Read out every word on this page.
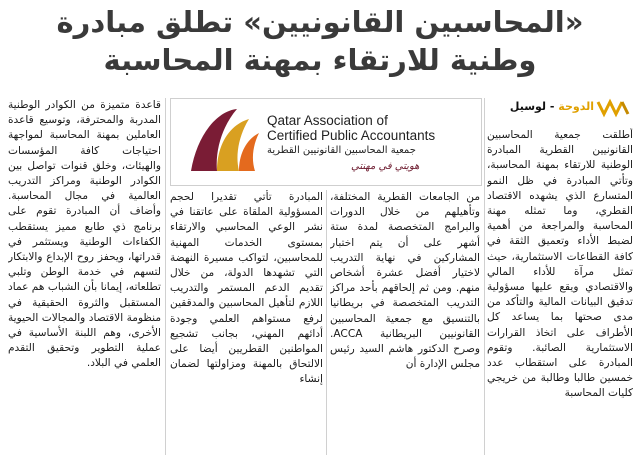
«المحاسبين القانونيين» تطلق مبادرة
وطنية للارتقاء بمهنة المحاسبة
الدوحة - لوسيل
Qatar Association of
Certified Public Accountants
جمعية المحاسبين القانونيين القطرية
هويتي في مهنتي

أطلقت جمعية المحاسبين القانونيين القطرية المبادرة الوطنية للارتقاء بمهنة المحاسبة، وتأتي المبادرة في ظل النمو المتسارع الذي يشهده الاقتصاد القطري، وما تمثله مهنة المحاسبة والمراجعة من أهمية لضبط الأداء وتعميق الثقة في كافة القطاعات الاستثمارية، حيث تمثل مرآة للأداء المالي والاقتصادي ويقع عليها مسؤولية تدقيق البيانات المالية والتأكد من مدى صحتها بما يساعد كل الأطراف على اتخاذ القرارات الاستثمارية الصائبة. وتقوم المبادرة على استقطاب عدد خمسين طالبا وطالبة من خريجي كليات المحاسبة

من الجامعات القطرية المختلفة، وتأهيلهم من خلال الدورات والبرامج المتخصصة لمدة ستة أشهر على أن يتم اختبار المشاركين في نهاية التدريب لاختيار أفضل عشرة أشخاص منهم. ومن ثم إلحاقهم بأحد مراكز التدريب المتخصصة في بريطانيا بالتنسيق مع جمعية المحاسبين القانونيين البريطانية ACCA. وصرح الدكتور هاشم السيد رئيس مجلس الإدارة أن

المبادرة تأتي تقديرا لحجم المسؤولية الملقاة على عاتقنا في نشر الوعي المحاسبي والارتقاء بمستوى الخدمات المهنية للمحاسبين، لتواكب مسيرة النهضة التي تشهدها الدولة، من خلال تقديم الدعم المستمر والتدريب اللازم لتأهيل المحاسبين والمدققين لرفع مستواهم العلمي وجودة أدائهم المهني، بجانب تشجيع المواطنين القطريين أيضا على الالتحاق بالمهنة ومزاولتها لضمان إنشاء

قاعدة متميزة من الكوادر الوطنية المدربة والمحترفة، وتوسيع قاعدة العاملين بمهنة المحاسبة لمواجهة احتياجات كافة المؤسسات والهيئات، وخلق قنوات تواصل بين الكوادر الوطنية ومراكز التدريب العالمية في مجال المحاسبة. وأضاف أن المبادرة تقوم على برنامج ذي طابع مميز يستقطب الكفاءات الوطنية ويستثمر في قدراتها، ويحفز روح الإبداع والابتكار لتسهم في خدمة الوطن وتلبي تطلعاته، إيمانا بأن الشباب هم عماد المستقبل والثروة الحقيقية في منظومة الاقتصاد والمجالات الحيوية الأخرى، وهم اللبنة الأساسية في عملية التطوير وتحقيق التقدم العلمي في البلاد.
